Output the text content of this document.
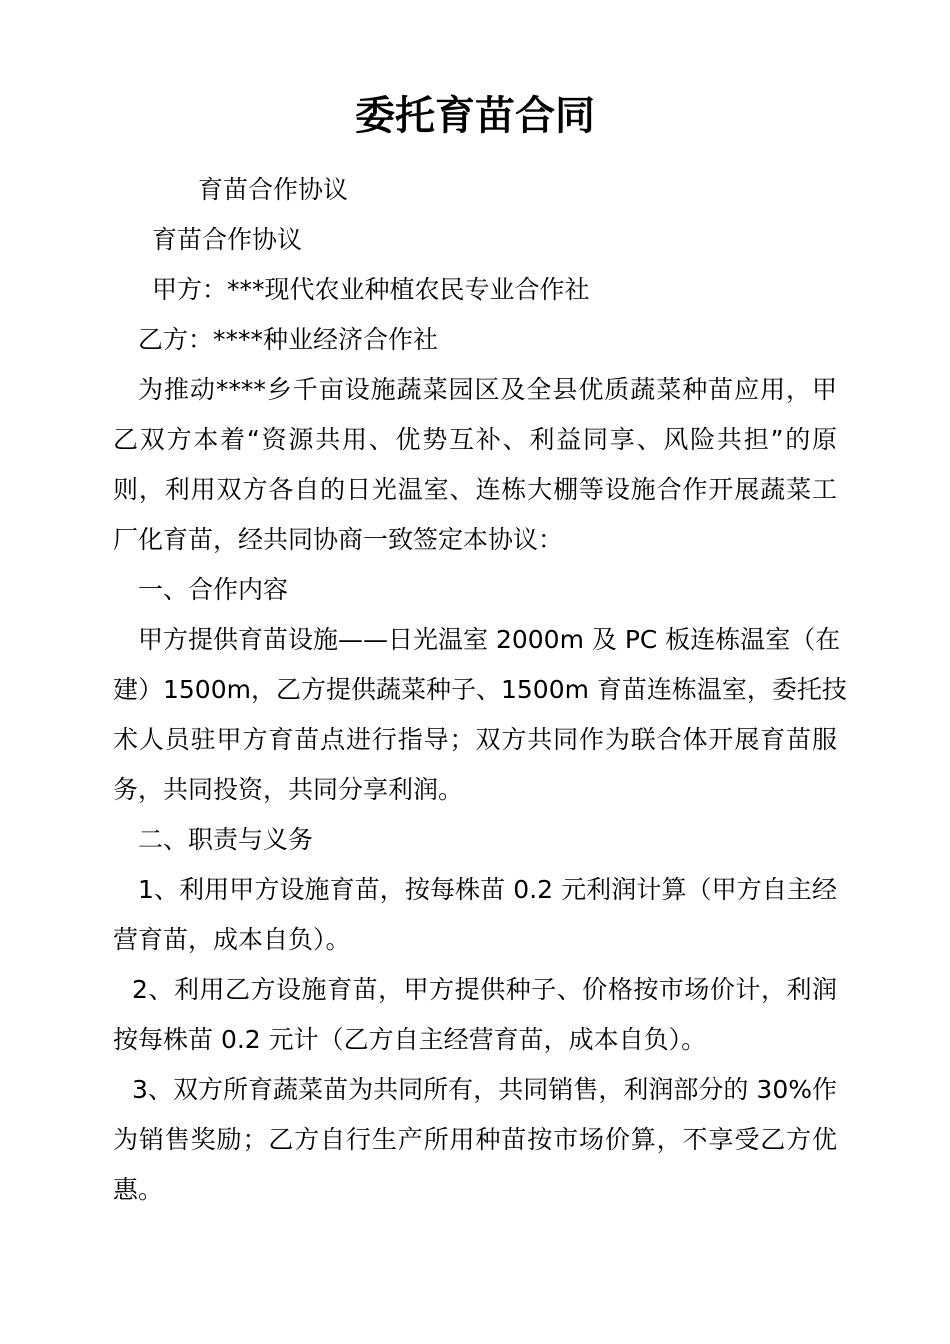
委托育苗合同

育苗合作协议

育苗合作协议

甲方：***现代农业种植农民专业合作社

乙方：****种业经济合作社

为推动****乡千亩设施蔬菜园区及全县优质蔬菜种苗应用，甲

乙双方本着“资源共用、优势互补、利益同享、风险共担”的原

则，利用双方各自的日光温室、连栋大棚等设施合作开展蔬菜工

厂化育苗，经共同协商一致签定本协议：

一、合作内容

甲方提供育苗设施——日光温室 2000m 及 PC 板连栋温室（在

建）1500m，乙方提供蔬菜种子、1500m 育苗连栋温室，委托技

术人员驻甲方育苗点进行指导；双方共同作为联合体开展育苗服

务，共同投资，共同分享利润。

二、职责与义务

1、利用甲方设施育苗，按每株苗 0.2 元利润计算（甲方自主经

营育苗，成本自负）。

2、利用乙方设施育苗，甲方提供种子、价格按市场价计，利润

按每株苗 0.2 元计（乙方自主经营育苗，成本自负）。

3、双方所育蔬菜苗为共同所有，共同销售，利润部分的 30%作

为销售奖励；乙方自行生产所用种苗按市场价算，不享受乙方优

惠。
